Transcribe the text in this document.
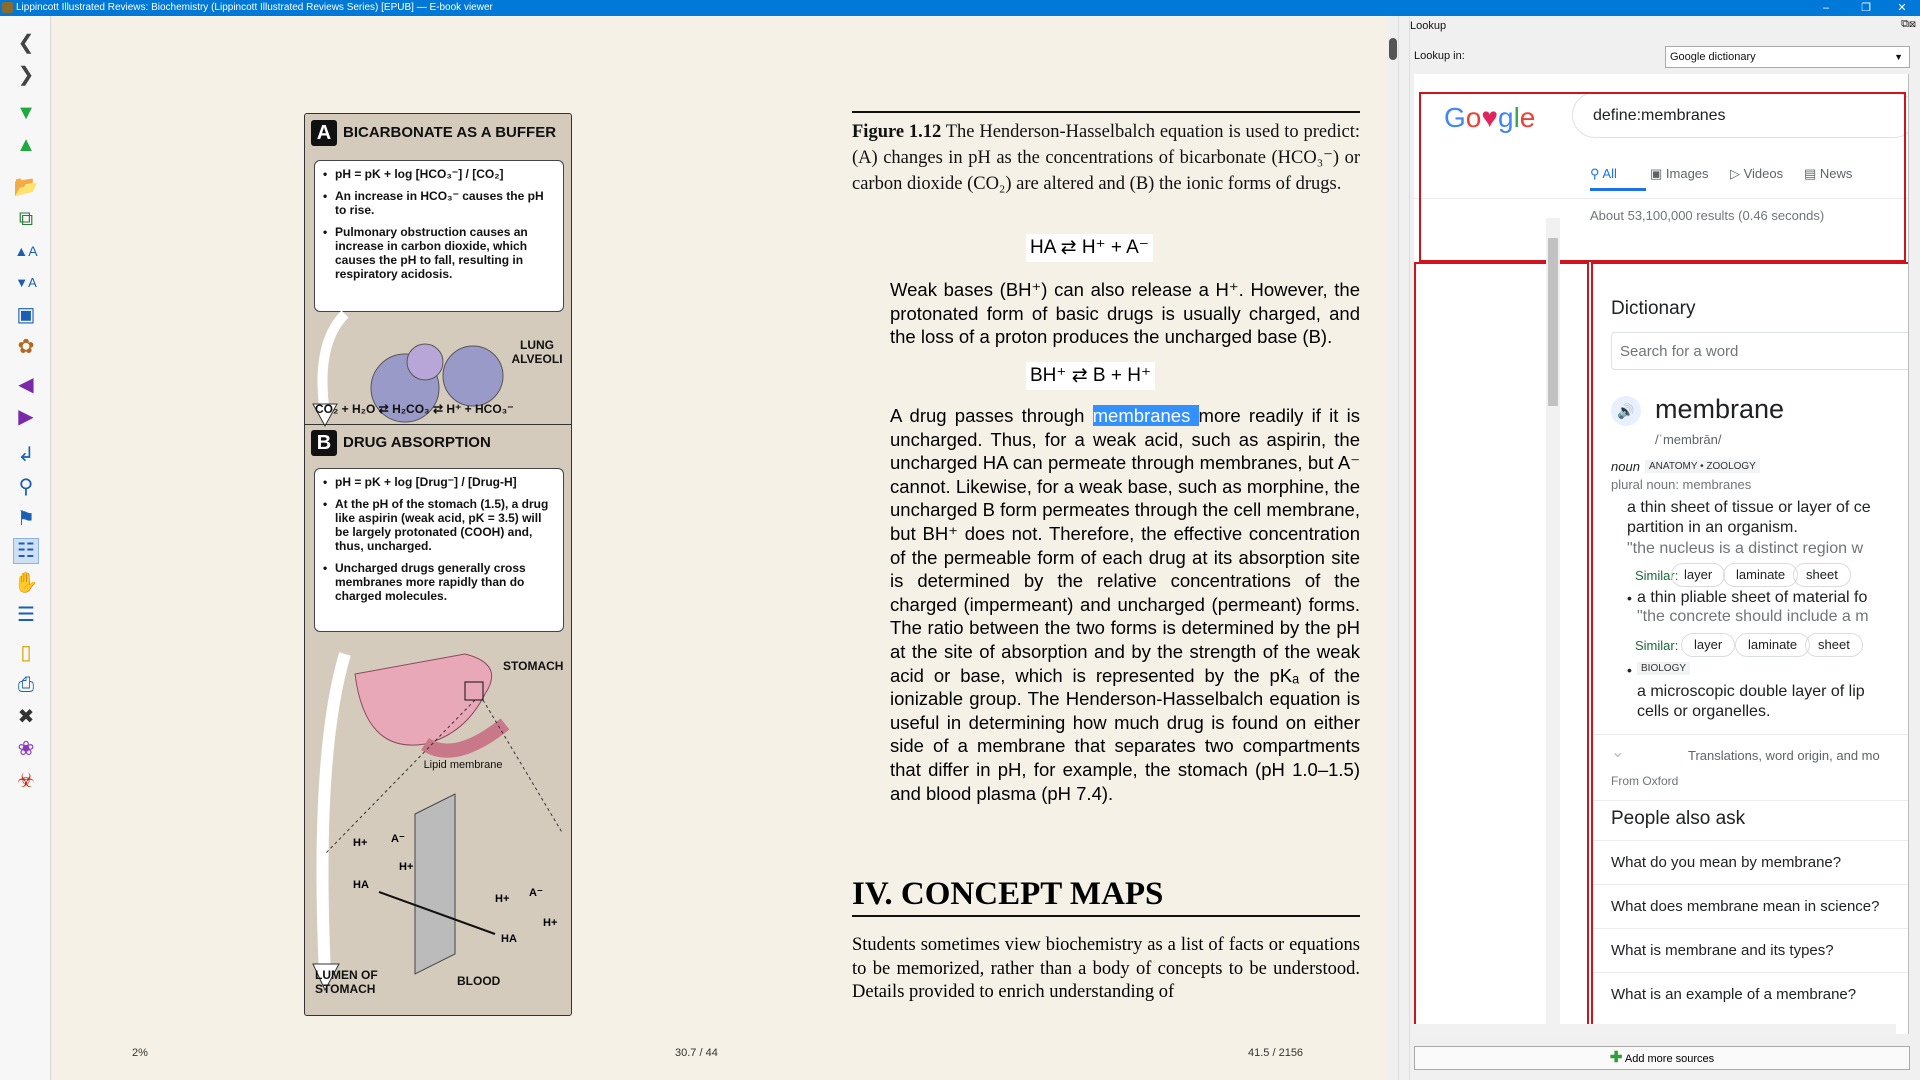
Lippincott Illustrated Reviews: Biochemistry (Lippincott Illustrated Reviews Series) [EPUB] — E-book viewer	–	❐	✕
❮
❯
▼
▲
📂
⧉
▲A
▼A
▣
✿
◀
▶
↲
⚲
⚑
☷
✋
☰
▯
⎙
✖
❀
☣
A BICARBONATE AS A BUFFER

• pH = pK + log [HCO₃⁻] / [CO₂]

• An increase in HCO₃⁻ causes the pH to rise.

• Pulmonary obstruction causes an increase in carbon dioxide, which causes the pH to fall, resulting in respiratory acidosis.

LUNG ALVEOLI
CO₂ + H₂O ⇄ H₂CO₃ ⇄ H⁺ + HCO₃⁻
B DRUG ABSORPTION

• pH = pK + log [Drug⁻] / [Drug-H]

• At the pH of the stomach (1.5), a drug like aspirin (weak acid, pK = 3.5) will be largely protonated (COOH) and, thus, uncharged.

• Uncharged drugs generally cross membranes more rapidly than do charged molecules.

H+ A⁻
H+
HA
H+ A⁻
H+
HA
STOMACH
Lipid membrane
LUMEN OF STOMACH
BLOOD
Figure 1.12 The Henderson-Hasselbalch equation is used to predict: (A) changes in pH as the concentrations of bicarbonate (HCO₃⁻) or carbon dioxide (CO₂) are altered and (B) the ionic forms of drugs.
HA ⇄ H⁺ + A⁻
Weak bases (BH⁺) can also release a H⁺. However, the protonated form of basic drugs is usually charged, and the loss of a proton produces the uncharged base (B).
BH⁺ ⇄ B + H⁺
A drug passes through membranes more readily if it is uncharged. Thus, for a weak acid, such as aspirin, the uncharged HA can permeate through membranes, but A⁻ cannot. Likewise, for a weak base, such as morphine, the uncharged B form permeates through the cell membrane, but BH⁺ does not. Therefore, the effective concentration of the permeable form of each drug at its absorption site is determined by the relative concentrations of the charged (impermeant) and uncharged (permeant) forms. The ratio between the two forms is determined by the pH at the site of absorption and by the strength of the weak acid or base, which is represented by the pKₐ of the ionizable group. The Henderson-Hasselbalch equation is useful in determining how much drug is found on either side of a membrane that separates two compartments that differ in pH, for example, the stomach (pH 1.0–1.5) and blood plasma (pH 7.4).
IV. CONCEPT MAPS
Students sometimes view biochemistry as a list of facts or equations to be memorized, rather than a body of concepts to be understood. Details provided to enrich understanding of
2%	30.7 / 44	41.5 / 2156
Lookup	⧉⊠
Lookup in:	Google dictionary	▼
Go♥gle	define:membranes
⚲ All	▣ Images ▷ Videos ▤ News
About 53,100,000 results (0.46 seconds)
Dictionary
Search for a word
🔊 membrane
/ˈmembrān/
noun ANATOMY • ZOOLOGY
plural noun: membranes
a thin sheet of tissue or layer of ce
partition in an organism.
"the nucleus is a distinct region w
Similar: layer	laminate	sheet
• a thin pliable sheet of material fo
"the concrete should include a m
Similar:	layer	laminate	sheet
• BIOLOGY
a microscopic double layer of lip
cells or organelles.
⌄	Translations, word origin, and mo
From Oxford
People also ask
What do you mean by membrane?
What does membrane mean in science?
What is membrane and its types?
What is an example of a membrane?
✚ Add more sources
